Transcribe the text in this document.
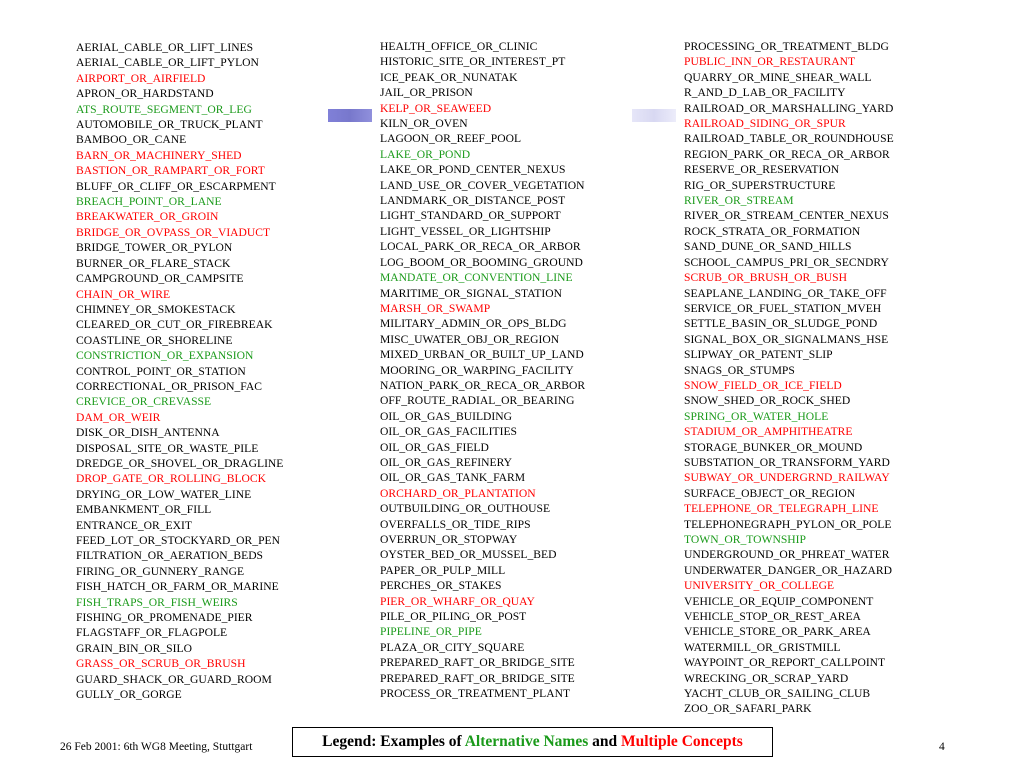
AERIAL_CABLE_OR_LIFT_LINES
AERIAL_CABLE_OR_LIFT_PYLON
AIRPORT_OR_AIRFIELD
APRON_OR_HARDSTAND
ATS_ROUTE_SEGMENT_OR_LEG
AUTOMOBILE_OR_TRUCK_PLANT
BAMBOO_OR_CANE
BARN_OR_MACHINERY_SHED
BASTION_OR_RAMPART_OR_FORT
BLUFF_OR_CLIFF_OR_ESCARPMENT
BREACH_POINT_OR_LANE
BREAKWATER_OR_GROIN
BRIDGE_OR_OVPASS_OR_VIADUCT
BRIDGE_TOWER_OR_PYLON
BURNER_OR_FLARE_STACK
CAMPGROUND_OR_CAMPSITE
CHAIN_OR_WIRE
CHIMNEY_OR_SMOKESTACK
CLEARED_OR_CUT_OR_FIREBREAK
COASTLINE_OR_SHORELINE
CONSTRICTION_OR_EXPANSION
CONTROL_POINT_OR_STATION
CORRECTIONAL_OR_PRISON_FAC
CREVICE_OR_CREVASSE
DAM_OR_WEIR
DISK_OR_DISH_ANTENNA
DISPOSAL_SITE_OR_WASTE_PILE
DREDGE_OR_SHOVEL_OR_DRAGLINE
DROP_GATE_OR_ROLLING_BLOCK
DRYING_OR_LOW_WATER_LINE
EMBANKMENT_OR_FILL
ENTRANCE_OR_EXIT
FEED_LOT_OR_STOCKYARD_OR_PEN
FILTRATION_OR_AERATION_BEDS
FIRING_OR_GUNNERY_RANGE
FISH_HATCH_OR_FARM_OR_MARINE
FISH_TRAPS_OR_FISH_WEIRS
FISHING_OR_PROMENADE_PIER
FLAGSTAFF_OR_FLAGPOLE
GRAIN_BIN_OR_SILO
GRASS_OR_SCRUB_OR_BRUSH
GUARD_SHACK_OR_GUARD_ROOM
GULLY_OR_GORGE
HEALTH_OFFICE_OR_CLINIC
HISTORIC_SITE_OR_INTEREST_PT
ICE_PEAK_OR_NUNATAK
JAIL_OR_PRISON
KELP_OR_SEAWEED
KILN_OR_OVEN
LAGOON_OR_REEF_POOL
LAKE_OR_POND
LAKE_OR_POND_CENTER_NEXUS
LAND_USE_OR_COVER_VEGETATION
LANDMARK_OR_DISTANCE_POST
LIGHT_STANDARD_OR_SUPPORT
LIGHT_VESSEL_OR_LIGHTSHIP
LOCAL_PARK_OR_RECA_OR_ARBOR
LOG_BOOM_OR_BOOMING_GROUND
MANDATE_OR_CONVENTION_LINE
MARITIME_OR_SIGNAL_STATION
MARSH_OR_SWAMP
MILITARY_ADMIN_OR_OPS_BLDG
MISC_UWATER_OBJ_OR_REGION
MIXED_URBAN_OR_BUILT_UP_LAND
MOORING_OR_WARPING_FACILITY
NATION_PARK_OR_RECA_OR_ARBOR
OFF_ROUTE_RADIAL_OR_BEARING
OIL_OR_GAS_BUILDING
OIL_OR_GAS_FACILITIES
OIL_OR_GAS_FIELD
OIL_OR_GAS_REFINERY
OIL_OR_GAS_TANK_FARM
ORCHARD_OR_PLANTATION
OUTBUILDING_OR_OUTHOUSE
OVERFALLS_OR_TIDE_RIPS
OVERRUN_OR_STOPWAY
OYSTER_BED_OR_MUSSEL_BED
PAPER_OR_PULP_MILL
PERCHES_OR_STAKES
PIER_OR_WHARF_OR_QUAY
PILE_OR_PILING_OR_POST
PIPELINE_OR_PIPE
PLAZA_OR_CITY_SQUARE
PREPARED_RAFT_OR_BRIDGE_SITE
PREPARED_RAFT_OR_BRIDGE_SITE
PROCESS_OR_TREATMENT_PLANT
PROCESSING_OR_TREATMENT_BLDG
PUBLIC_INN_OR_RESTAURANT
QUARRY_OR_MINE_SHEAR_WALL
R_AND_D_LAB_OR_FACILITY
RAILROAD_OR_MARSHALLING_YARD
RAILROAD_SIDING_OR_SPUR
RAILROAD_TABLE_OR_ROUNDHOUSE
REGION_PARK_OR_RECA_OR_ARBOR
RESERVE_OR_RESERVATION
RIG_OR_SUPERSTRUCTURE
RIVER_OR_STREAM
RIVER_OR_STREAM_CENTER_NEXUS
ROCK_STRATA_OR_FORMATION
SAND_DUNE_OR_SAND_HILLS
SCHOOL_CAMPUS_PRI_OR_SECNDRY
SCRUB_OR_BRUSH_OR_BUSH
SEAPLANE_LANDING_OR_TAKE_OFF
SERVICE_OR_FUEL_STATION_MVEH
SETTLE_BASIN_OR_SLUDGE_POND
SIGNAL_BOX_OR_SIGNALMANS_HSE
SLIPWAY_OR_PATENT_SLIP
SNAGS_OR_STUMPS
SNOW_FIELD_OR_ICE_FIELD
SNOW_SHED_OR_ROCK_SHED
SPRING_OR_WATER_HOLE
STADIUM_OR_AMPHITHEATRE
STORAGE_BUNKER_OR_MOUND
SUBSTATION_OR_TRANSFORM_YARD
SUBWAY_OR_UNDERGRND_RAILWAY
SURFACE_OBJECT_OR_REGION
TELEPHONE_OR_TELEGRAPH_LINE
TELEPHONEGRAPH_PYLON_OR_POLE
TOWN_OR_TOWNSHIP
UNDERGROUND_OR_PHREAT_WATER
UNDERWATER_DANGER_OR_HAZARD
UNIVERSITY_OR_COLLEGE
VEHICLE_OR_EQUIP_COMPONENT
VEHICLE_STOP_OR_REST_AREA
VEHICLE_STORE_OR_PARK_AREA
WATERMILL_OR_GRISTMILL
WAYPOINT_OR_REPORT_CALLPOINT
WRECKING_OR_SCRAP_YARD
YACHT_CLUB_OR_SAILING_CLUB
ZOO_OR_SAFARI_PARK
26 Feb 2001: 6th WG8 Meeting, Stuttgart	Legend: Examples of Alternative Names and Multiple Concepts	4
